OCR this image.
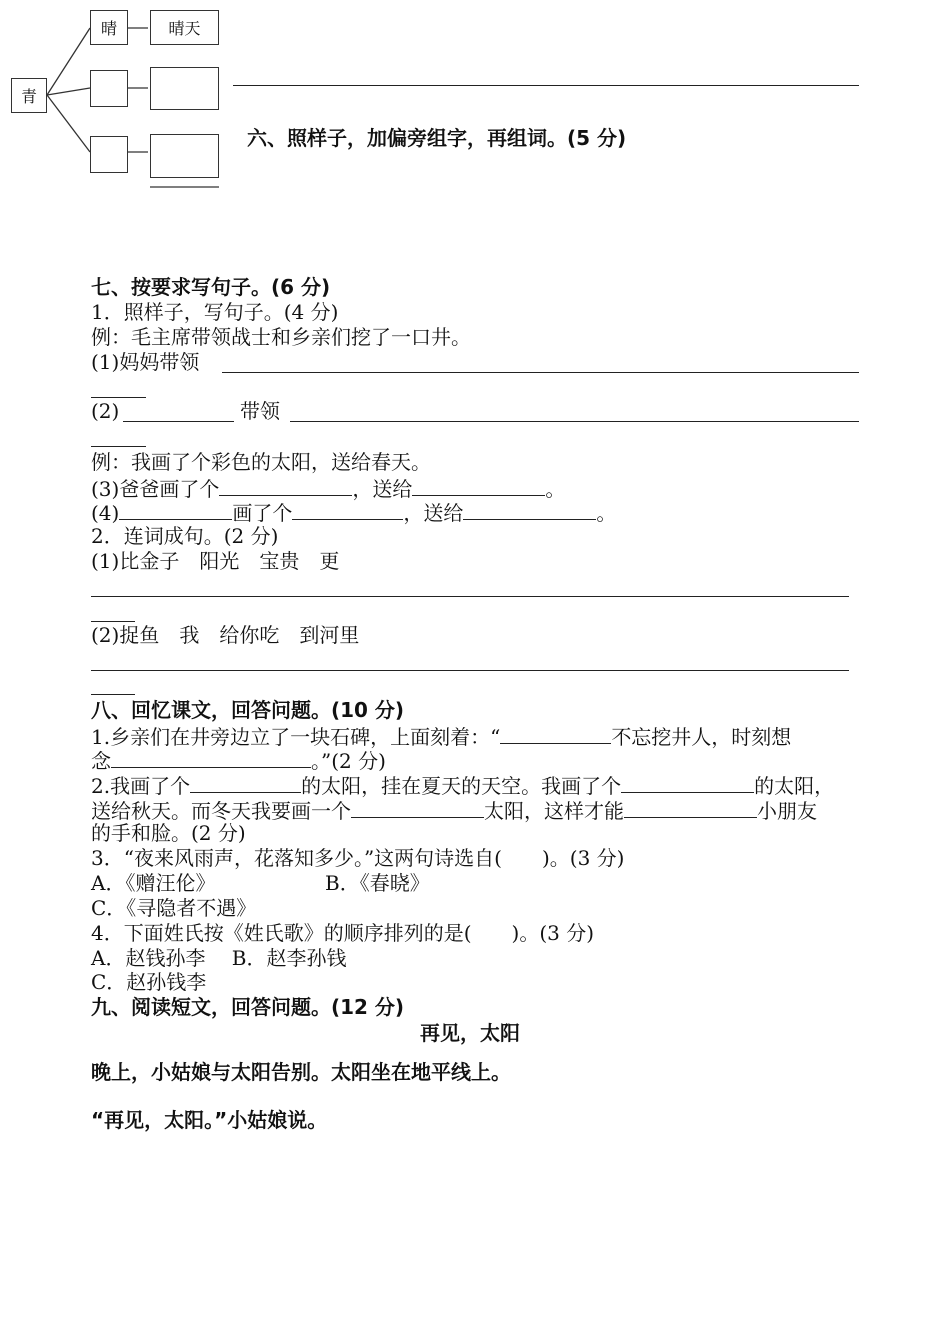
青
晴	晴天
六、照样子，加偏旁组字，再组词。(5 分)
七、按要求写句子。(6 分)
1．照样子，写句子。(4 分)
例：毛主席带领战士和乡亲们挖了一口井。
(1)妈妈带领
(2)	带领
例：我画了个彩色的太阳，送给春天。
(3)爸爸画了个	，送给	。
(4)	画了个	，送给	。
2．连词成句。(2 分)
(1)比金子　阳光　宝贵　更
(2)捉鱼　我　给你吃　到河里
八、回忆课文，回答问题。(10 分)
1.乡亲们在井旁边立了一块石碑，上面刻着：“	不忘挖井人，时刻想
念	。”(2 分)
2.我画了个	的太阳，挂在夏天的天空。我画了个	的太阳，
送给秋天。而冬天我要画一个	太阳，这样才能	小朋友
的手和脸。(2 分)
3．“夜来风雨声，花落知多少。”这两句诗选自(　　)。(3 分)
A．《赠汪伦》	B．《春晓》
C．《寻隐者不遇》
4．下面姓氏按《姓氏歌》的顺序排列的是(　　)。(3 分)
A．赵钱孙李　 B．赵李孙钱
C．赵孙钱李
九、阅读短文，回答问题。(12 分)
再见，太阳
晚上，小姑娘与太阳告别。太阳坐在地平线上。
“再见，太阳。”小姑娘说。
